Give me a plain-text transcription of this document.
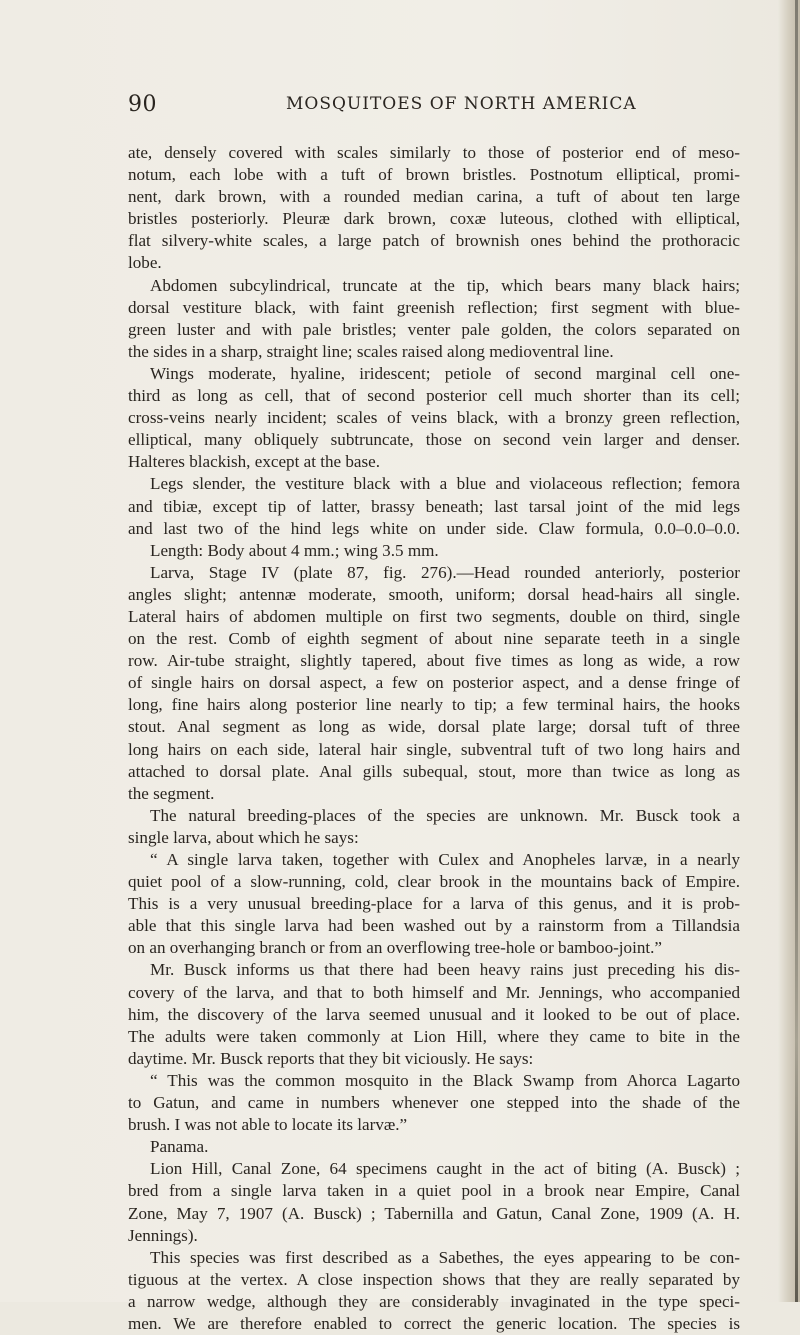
90	MOSQUITOES OF NORTH AMERICA
ate, densely covered with scales similarly to those of posterior end of meso-
notum, each lobe with a tuft of brown bristles. Postnotum elliptical, promi-
nent, dark brown, with a rounded median carina, a tuft of about ten large
bristles posteriorly. Pleuræ dark brown, coxæ luteous, clothed with elliptical,
flat silvery-white scales, a large patch of brownish ones behind the prothoracic
lobe.
Abdomen subcylindrical, truncate at the tip, which bears many black hairs;
dorsal vestiture black, with faint greenish reflection; first segment with blue-
green luster and with pale bristles; venter pale golden, the colors separated on
the sides in a sharp, straight line; scales raised along medioventral line.
Wings moderate, hyaline, iridescent; petiole of second marginal cell one-
third as long as cell, that of second posterior cell much shorter than its cell;
cross-veins nearly incident; scales of veins black, with a bronzy green reflection,
elliptical, many obliquely subtruncate, those on second vein larger and denser.
Halteres blackish, except at the base.
Legs slender, the vestiture black with a blue and violaceous reflection; femora
and tibiæ, except tip of latter, brassy beneath; last tarsal joint of the mid legs
and last two of the hind legs white on under side. Claw formula, 0.0–0.0–0.0.
Length: Body about 4 mm.; wing 3.5 mm.
Larva, Stage IV (plate 87, fig. 276).—Head rounded anteriorly, posterior
angles slight; antennæ moderate, smooth, uniform; dorsal head-hairs all single.
Lateral hairs of abdomen multiple on first two segments, double on third, single
on the rest. Comb of eighth segment of about nine separate teeth in a single
row. Air-tube straight, slightly tapered, about five times as long as wide, a row
of single hairs on dorsal aspect, a few on posterior aspect, and a dense fringe of
long, fine hairs along posterior line nearly to tip; a few terminal hairs, the hooks
stout. Anal segment as long as wide, dorsal plate large; dorsal tuft of three
long hairs on each side, lateral hair single, subventral tuft of two long hairs and
attached to dorsal plate. Anal gills subequal, stout, more than twice as long as
the segment.
The natural breeding-places of the species are unknown. Mr. Busck took a
single larva, about which he says:
“ A single larva taken, together with Culex and Anopheles larvæ, in a nearly
quiet pool of a slow-running, cold, clear brook in the mountains back of Empire.
This is a very unusual breeding-place for a larva of this genus, and it is prob-
able that this single larva had been washed out by a rainstorm from a Tillandsia
on an overhanging branch or from an overflowing tree-hole or bamboo-joint.”
Mr. Busck informs us that there had been heavy rains just preceding his dis-
covery of the larva, and that to both himself and Mr. Jennings, who accompanied
him, the discovery of the larva seemed unusual and it looked to be out of place.
The adults were taken commonly at Lion Hill, where they came to bite in the
daytime. Mr. Busck reports that they bit viciously. He says:
“ This was the common mosquito in the Black Swamp from Ahorca Lagarto
to Gatun, and came in numbers whenever one stepped into the shade of the
brush. I was not able to locate its larvæ.”
Panama.
Lion Hill, Canal Zone, 64 specimens caught in the act of biting (A. Busck) ;
bred from a single larva taken in a quiet pool in a brook near Empire, Canal
Zone, May 7, 1907 (A. Busck) ; Tabernilla and Gatun, Canal Zone, 1909 (A. H.
Jennings).
This species was first described as a Sabethes, the eyes appearing to be con-
tiguous at the vertex. A close inspection shows that they are really separated by
a narrow wedge, although they are considerably invaginated in the type speci-
men. We are therefore enabled to correct the generic location. The species is
